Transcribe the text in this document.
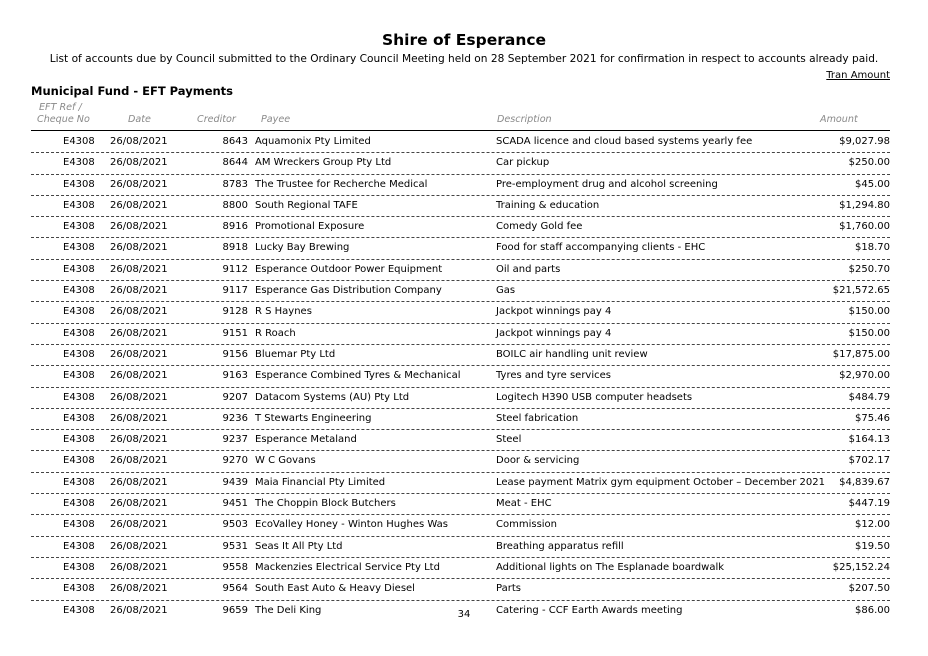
Shire of Esperance
List of accounts due by Council submitted to the Ordinary Council Meeting held on 28 September 2021 for confirmation in respect to accounts already paid.
Tran Amount
Municipal Fund - EFT Payments
EFT Ref /
Cheque No	Date	Creditor	Payee	Description	Amount
E4308 26/08/2021	8643 Aquamonix Pty Limited	SCADA licence and cloud based systems yearly fee	$9,027.98
E4308 26/08/2021	8644 AM Wreckers Group Pty Ltd	Car pickup	$250.00
E4308 26/08/2021	8783 The Trustee for Recherche Medical	Pre-employment drug and alcohol screening	$45.00
E4308 26/08/2021	8800 South Regional TAFE	Training & education	$1,294.80
E4308 26/08/2021	8916 Promotional Exposure	Comedy Gold fee	$1,760.00
E4308 26/08/2021	8918 Lucky Bay Brewing	Food for staff accompanying clients - EHC	$18.70
E4308 26/08/2021	9112 Esperance Outdoor Power Equipment	Oil and parts	$250.70
E4308 26/08/2021	9117 Esperance Gas Distribution Company	Gas	$21,572.65
E4308 26/08/2021	9128 R S Haynes	Jackpot winnings pay 4	$150.00
E4308 26/08/2021	9151 R Roach	Jackpot winnings pay 4	$150.00
E4308 26/08/2021	9156 Bluemar Pty Ltd	BOILC air handling unit review	$17,875.00
E4308 26/08/2021	9163 Esperance Combined Tyres & Mechanical	Tyres and tyre services	$2,970.00
E4308 26/08/2021	9207 Datacom Systems (AU) Pty Ltd	Logitech H390 USB computer headsets	$484.79
E4308 26/08/2021	9236 T Stewarts Engineering	Steel fabrication	$75.46
E4308 26/08/2021	9237 Esperance Metaland	Steel	$164.13
E4308 26/08/2021	9270 W C Govans	Door & servicing	$702.17
E4308 26/08/2021	9439 Maia Financial Pty Limited	Lease payment Matrix gym equipment October – December 2021 $4,839.67
E4308 26/08/2021	9451 The Choppin Block Butchers	Meat - EHC	$447.19
E4308 26/08/2021	9503 EcoValley Honey - Winton Hughes Was	Commission	$12.00
E4308 26/08/2021	9531 Seas It All Pty Ltd	Breathing apparatus refill	$19.50
E4308 26/08/2021	9558 Mackenzies Electrical Service Pty Ltd	Additional lights on The Esplanade boardwalk	$25,152.24
E4308 26/08/2021	9564 South East Auto & Heavy Diesel	Parts	$207.50
E4308 26/08/2021	9659 The Deli King	Catering - CCF Earth Awards meeting	$86.00
34
